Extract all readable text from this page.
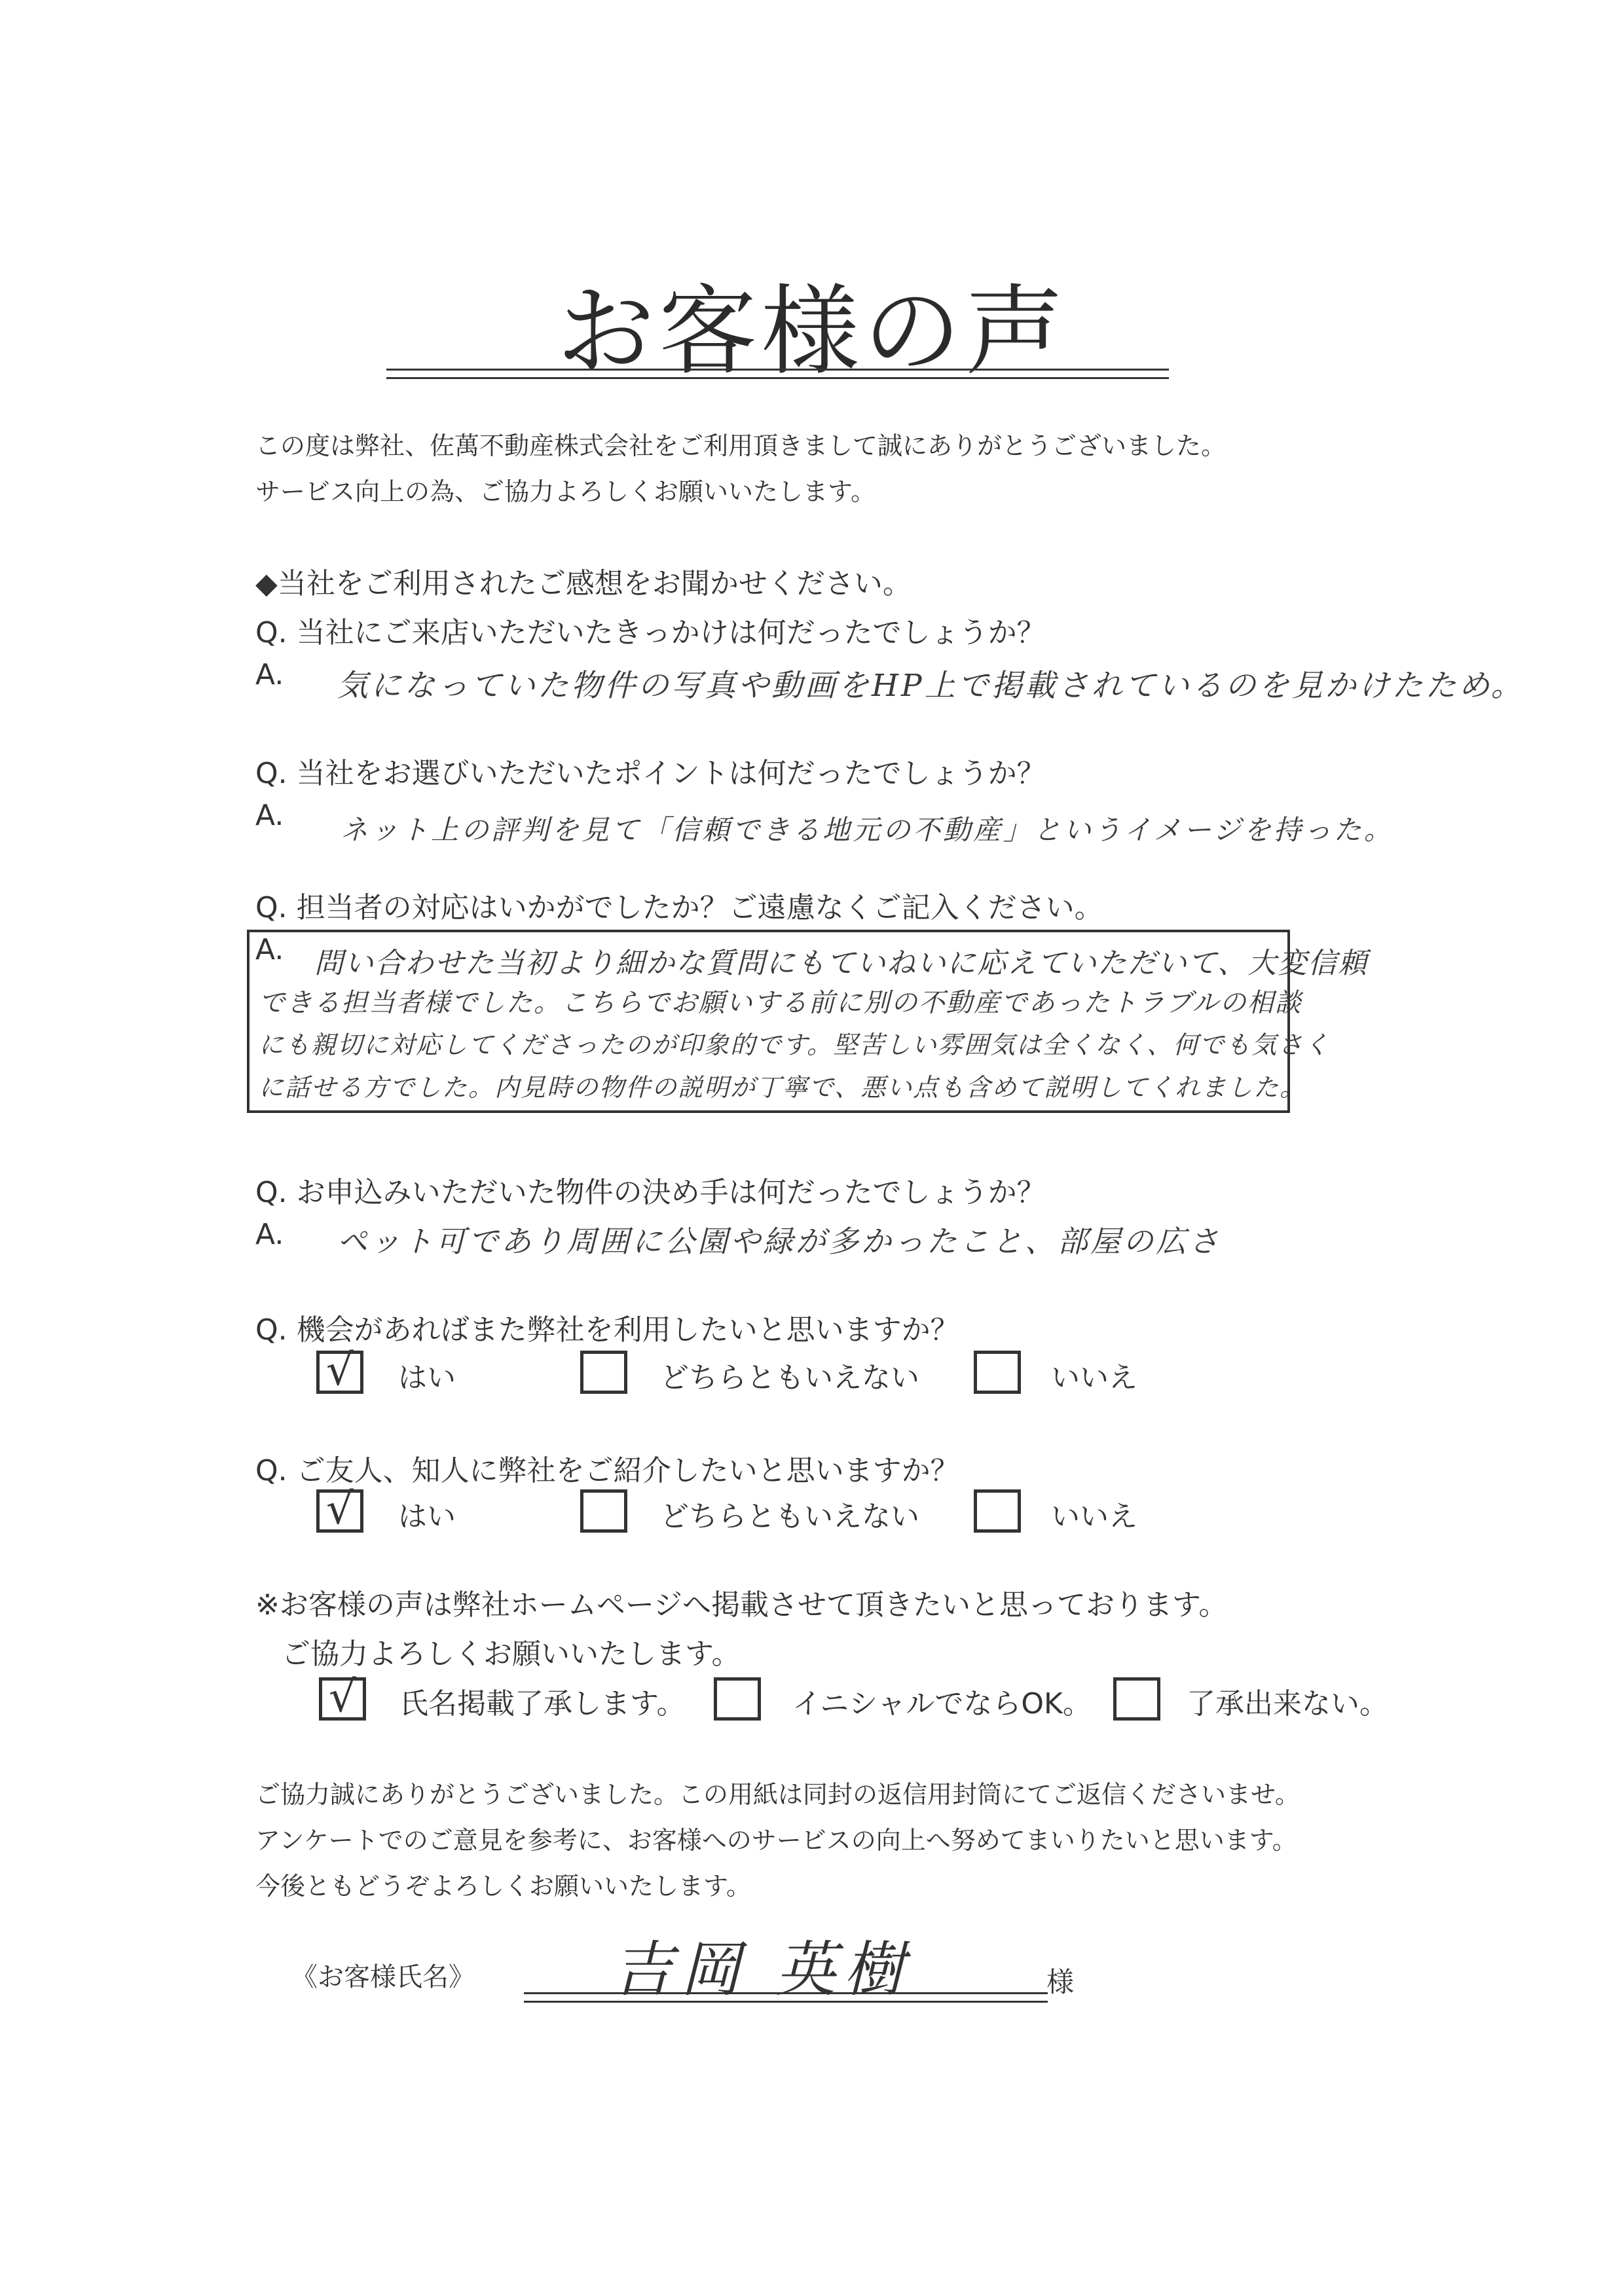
お客様の声
この度は弊社、佐萬不動産株式会社をご利用頂きまして誠にありがとうございました。
サービス向上の為、ご協力よろしくお願いいたします。
◆当社をご利用されたご感想をお聞かせください。
Q. 当社にご来店いただいたきっかけは何だったでしょうか？
A. 気になっていた物件の写真や動画をHP上で掲載されているのを見かけたため。
Q. 当社をお選びいただいたポイントは何だったでしょうか？
A. ネット上の評判を見て「信頼できる地元の不動産」というイメージを持った。
Q. 担当者の対応はいかがでしたか？ご遠慮なくご記入ください。
A. 問い合わせた当初より細かな質問にもていねいに応えていただいて、大変信頼
できる担当者様でした。こちらでお願いする前に別の不動産であったトラブルの相談
にも親切に対応してくださったのが印象的です。堅苦しい雰囲気は全くなく、何でも気さく
に話せる方でした。内見時の物件の説明が丁寧で、悪い点も含めて説明してくれました。
Q. お申込みいただいた物件の決め手は何だったでしょうか？
A. ペット可であり周囲に公園や緑が多かったこと、部屋の広さ
Q. 機会があればまた弊社を利用したいと思いますか？
√ はい	どちらともいえない	いいえ
Q. ご友人、知人に弊社をご紹介したいと思いますか？
√ はい	どちらともいえない	いいえ
※お客様の声は弊社ホームページへ掲載させて頂きたいと思っております。
ご協力よろしくお願いいたします。
√ 氏名掲載了承します。	イニシャルでならOK。	了承出来ない。
ご協力誠にありがとうございました。この用紙は同封の返信用封筒にてご返信くださいませ。
アンケートでのご意見を参考に、お客様へのサービスの向上へ努めてまいりたいと思います。
今後ともどうぞよろしくお願いいたします。
《お客様氏名》 吉岡 英樹	様
